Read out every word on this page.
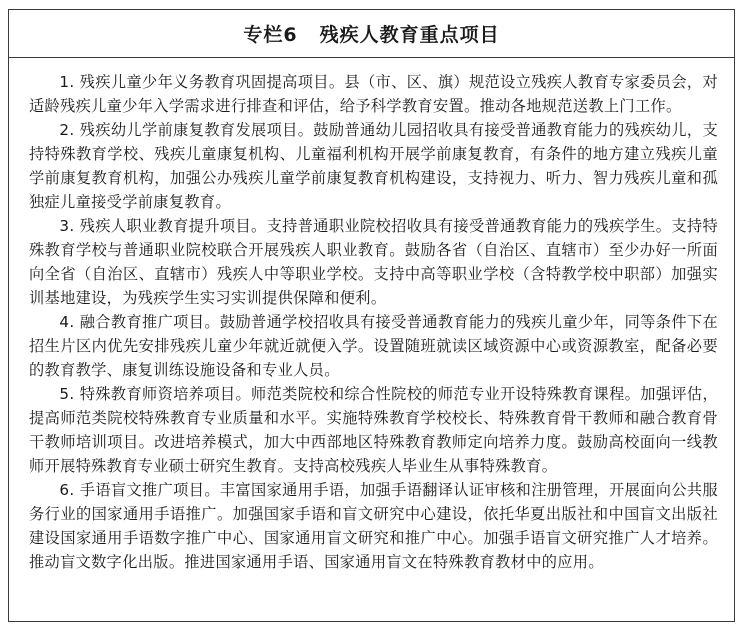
专栏6 残疾人教育重点项目

1. 残疾儿童少年义务教育巩固提高项目。县（市、区、旗）规范设立残疾人教育专家委员会，对适龄残疾儿童少年入学需求进行排查和评估，给予科学教育安置。推动各地规范送教上门工作。

2. 残疾幼儿学前康复教育发展项目。鼓励普通幼儿园招收具有接受普通教育能力的残疾幼儿，支持特殊教育学校、残疾儿童康复机构、儿童福利机构开展学前康复教育，有条件的地方建立残疾儿童学前康复教育机构，加强公办残疾儿童学前康复教育机构建设，支持视力、听力、智力残疾儿童和孤独症儿童接受学前康复教育。

3. 残疾人职业教育提升项目。支持普通职业院校招收具有接受普通教育能力的残疾学生。支持特殊教育学校与普通职业院校联合开展残疾人职业教育。鼓励各省（自治区、直辖市）至少办好一所面向全省（自治区、直辖市）残疾人中等职业学校。支持中高等职业学校（含特教学校中职部）加强实训基地建设，为残疾学生实习实训提供保障和便利。

4. 融合教育推广项目。鼓励普通学校招收具有接受普通教育能力的残疾儿童少年，同等条件下在招生片区内优先安排残疾儿童少年就近就便入学。设置随班就读区域资源中心或资源教室，配备必要的教育教学、康复训练设施设备和专业人员。

5. 特殊教育师资培养项目。师范类院校和综合性院校的师范专业开设特殊教育课程。加强评估，提高师范类院校特殊教育专业质量和水平。实施特殊教育学校校长、特殊教育骨干教师和融合教育骨干教师培训项目。改进培养模式，加大中西部地区特殊教育教师定向培养力度。鼓励高校面向一线教师开展特殊教育专业硕士研究生教育。支持高校残疾人毕业生从事特殊教育。

6. 手语盲文推广项目。丰富国家通用手语，加强手语翻译认证审核和注册管理，开展面向公共服务行业的国家通用手语推广。加强国家手语和盲文研究中心建设，依托华夏出版社和中国盲文出版社建设国家通用手语数字推广中心、国家通用盲文研究和推广中心。加强手语盲文研究推广人才培养。推动盲文数字化出版。推进国家通用手语、国家通用盲文在特殊教育教材中的应用。
